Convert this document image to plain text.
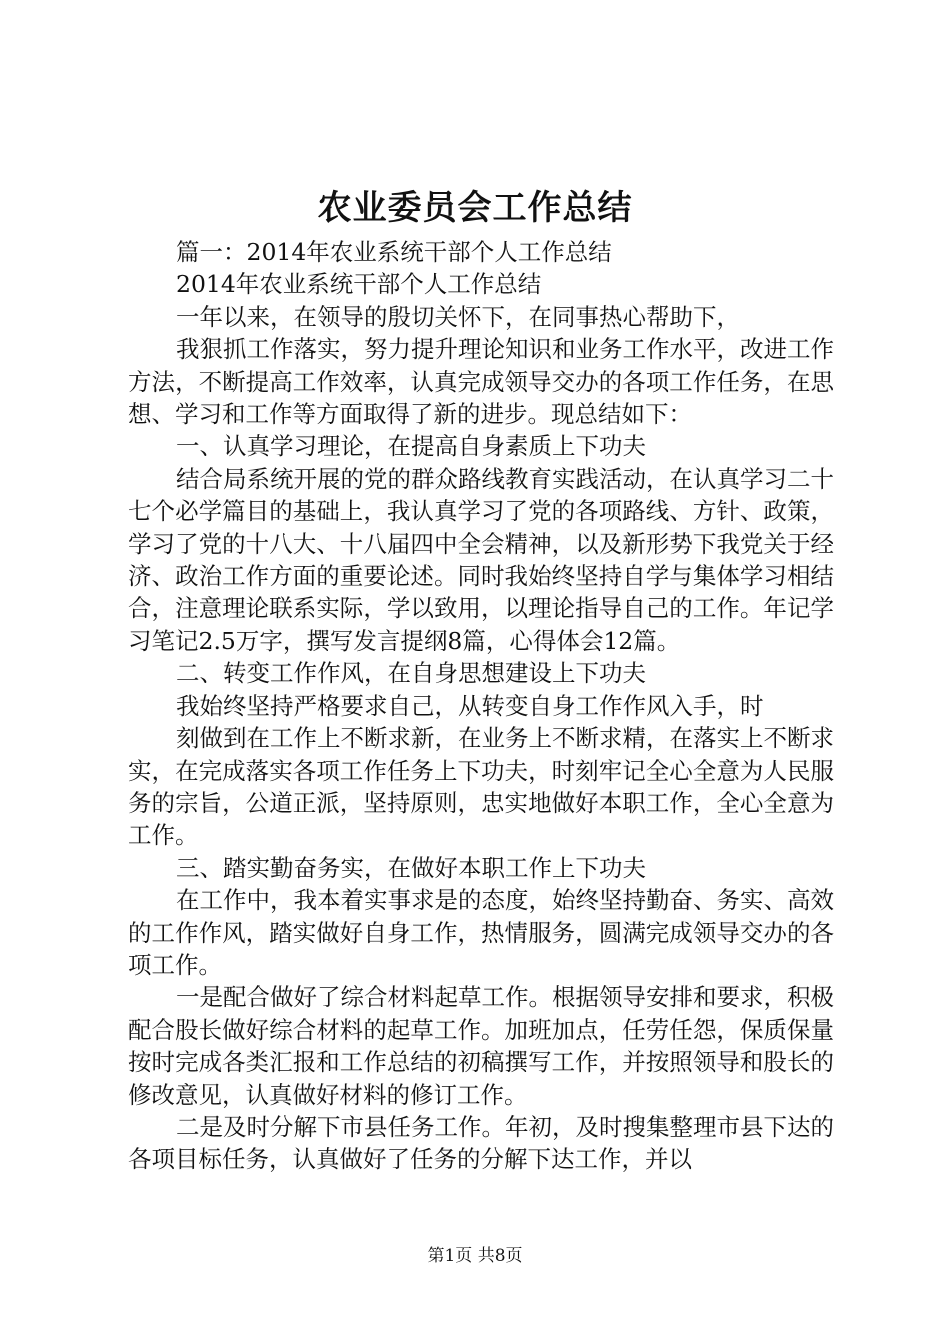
农业委员会工作总结

篇一：2014年农业系统干部个人工作总结

2014年农业系统干部个人工作总结

一年以来，在领导的殷切关怀下，在同事热心帮助下，

我狠抓工作落实，努力提升理论知识和业务工作水平，改进工作方法，不断提高工作效率，认真完成领导交办的各项工作任务，在思想、学习和工作等方面取得了新的进步。现总结如下：

一、认真学习理论，在提高自身素质上下功夫

结合局系统开展的党的群众路线教育实践活动，在认真学习二十七个必学篇目的基础上，我认真学习了党的各项路线、方针、政策，学习了党的十八大、十八届四中全会精神，以及新形势下我党关于经济、政治工作方面的重要论述。同时我始终坚持自学与集体学习相结合，注意理论联系实际，学以致用，以理论指导自己的工作。年记学习笔记2.5万字，撰写发言提纲8篇，心得体会12篇。

二、转变工作作风，在自身思想建设上下功夫

我始终坚持严格要求自己，从转变自身工作作风入手，时

刻做到在工作上不断求新，在业务上不断求精，在落实上不断求实，在完成落实各项工作任务上下功夫，时刻牢记全心全意为人民服务的宗旨，公道正派，坚持原则，忠实地做好本职工作，全心全意为工作。

三、踏实勤奋务实，在做好本职工作上下功夫

在工作中，我本着实事求是的态度，始终坚持勤奋、务实、高效的工作作风，踏实做好自身工作，热情服务，圆满完成领导交办的各项工作。

一是配合做好了综合材料起草工作。根据领导安排和要求，积极配合股长做好综合材料的起草工作。加班加点，任劳任怨，保质保量按时完成各类汇报和工作总结的初稿撰写工作，并按照领导和股长的修改意见，认真做好材料的修订工作。

二是及时分解下市县任务工作。年初，及时搜集整理市县下达的各项目标任务，认真做好了任务的分解下达工作，并以

第1页 共8页
